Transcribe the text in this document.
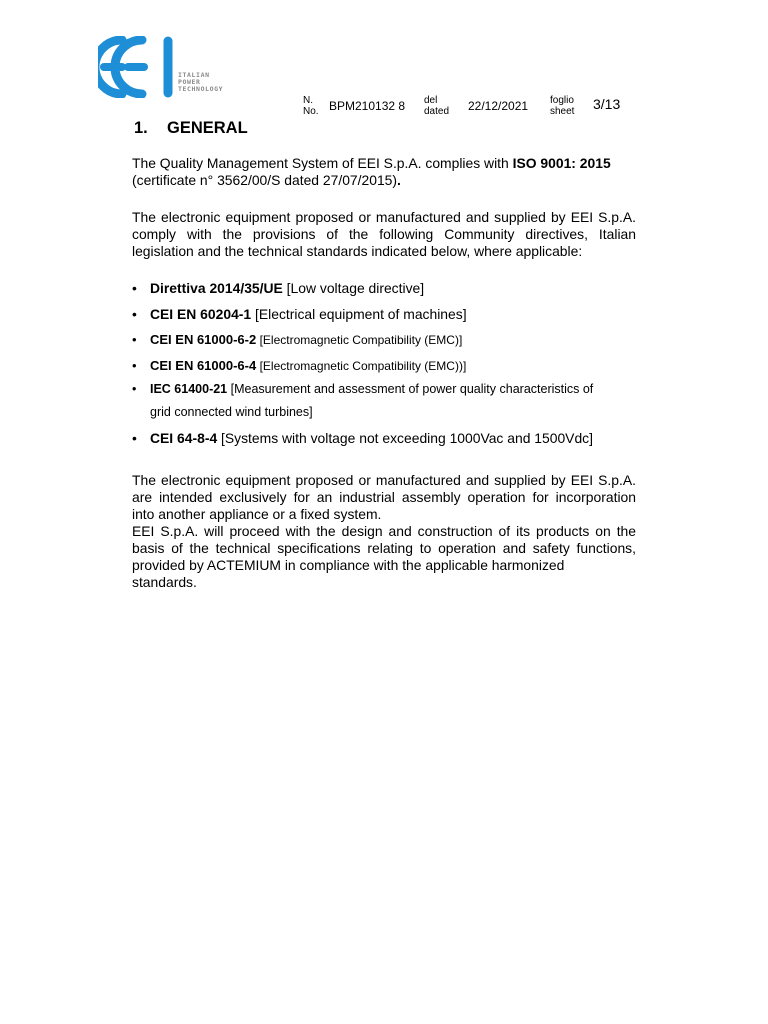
ITALIAN
POWER
TECHNOLOGY
N.
No. BPM210132 8 del
dated 22/12/2021 foglio
sheet 3/13
1. GENERAL
The Quality Management System of EEI S.p.A. complies with ISO 9001: 2015
(certificate n° 3562/00/S dated 27/07/2015).
The electronic equipment proposed or manufactured and supplied by EEI S.p.A.
comply with the provisions of the following Community directives, Italian
legislation and the technical standards indicated below, where applicable:
• Direttiva 2014/35/UE [Low voltage directive]
• CEI EN 60204-1 [Electrical equipment of machines]
• CEI EN 61000-6-2 [Electromagnetic Compatibility (EMC)]
• CEI EN 61000-6-4 [Electromagnetic Compatibility (EMC))]
• IEC 61400-21 [Measurement and assessment of power quality characteristics of
grid connected wind turbines]
• CEI 64-8-4 [Systems with voltage not exceeding 1000Vac and 1500Vdc]
The electronic equipment proposed or manufactured and supplied by EEI S.p.A.
are intended exclusively for an industrial assembly operation for incorporation
into another appliance or a fixed system.
EEI S.p.A. will proceed with the design and construction of its products on the
basis of the technical specifications relating to operation and safety functions,
provided by ACTEMIUM in compliance with the applicable harmonized
standards.
